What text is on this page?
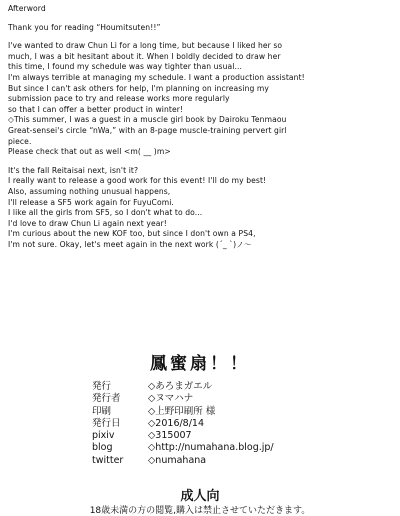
Afterword
Thank you for reading “Houmitsuten!!”
I've wanted to draw Chun Li for a long time, but because I liked her so
much, I was a bit hesitant about it. When I boldly decided to draw her
this time, I found my schedule was way tighter than usual...
I'm always terrible at managing my schedule. I want a production assistant!
But since I can't ask others for help, I'm planning on increasing my
submission pace to try and release works more regularly
so that I can offer a better product in winter!
◇This summer, I was a guest in a muscle girl book by Dairoku Tenmaou
Great-sensei's circle “nWa,” with an 8-page muscle-training pervert girl
piece.
Please check that out as well <m( __ )m>
It's the fall Reitaisai next, isn't it?
I really want to release a good work for this event! I'll do my best!
Also, assuming nothing unusual happens,
I'll release a SF5 work again for FuyuComi.
I like all the girls from SF5, so I don't what to do...
I'd love to draw Chun Li again next year!
I'm curious about the new KOF too, but since I don't own a PS4,
I'm not sure. Okay, let's meet again in the next work (´_ `)ノ～
鳳蜜扇！！
発行	◇あろまガエル
発行者	◇ヌマハナ
印刷	◇上野印刷所 様
発行日	◇2016/8/14
pixiv	◇315007
blog	◇http://numahana.blog.jp/
twitter	◇numahana
成人向
18歳未満の方の閲覧,購入は禁止させていただきます。
